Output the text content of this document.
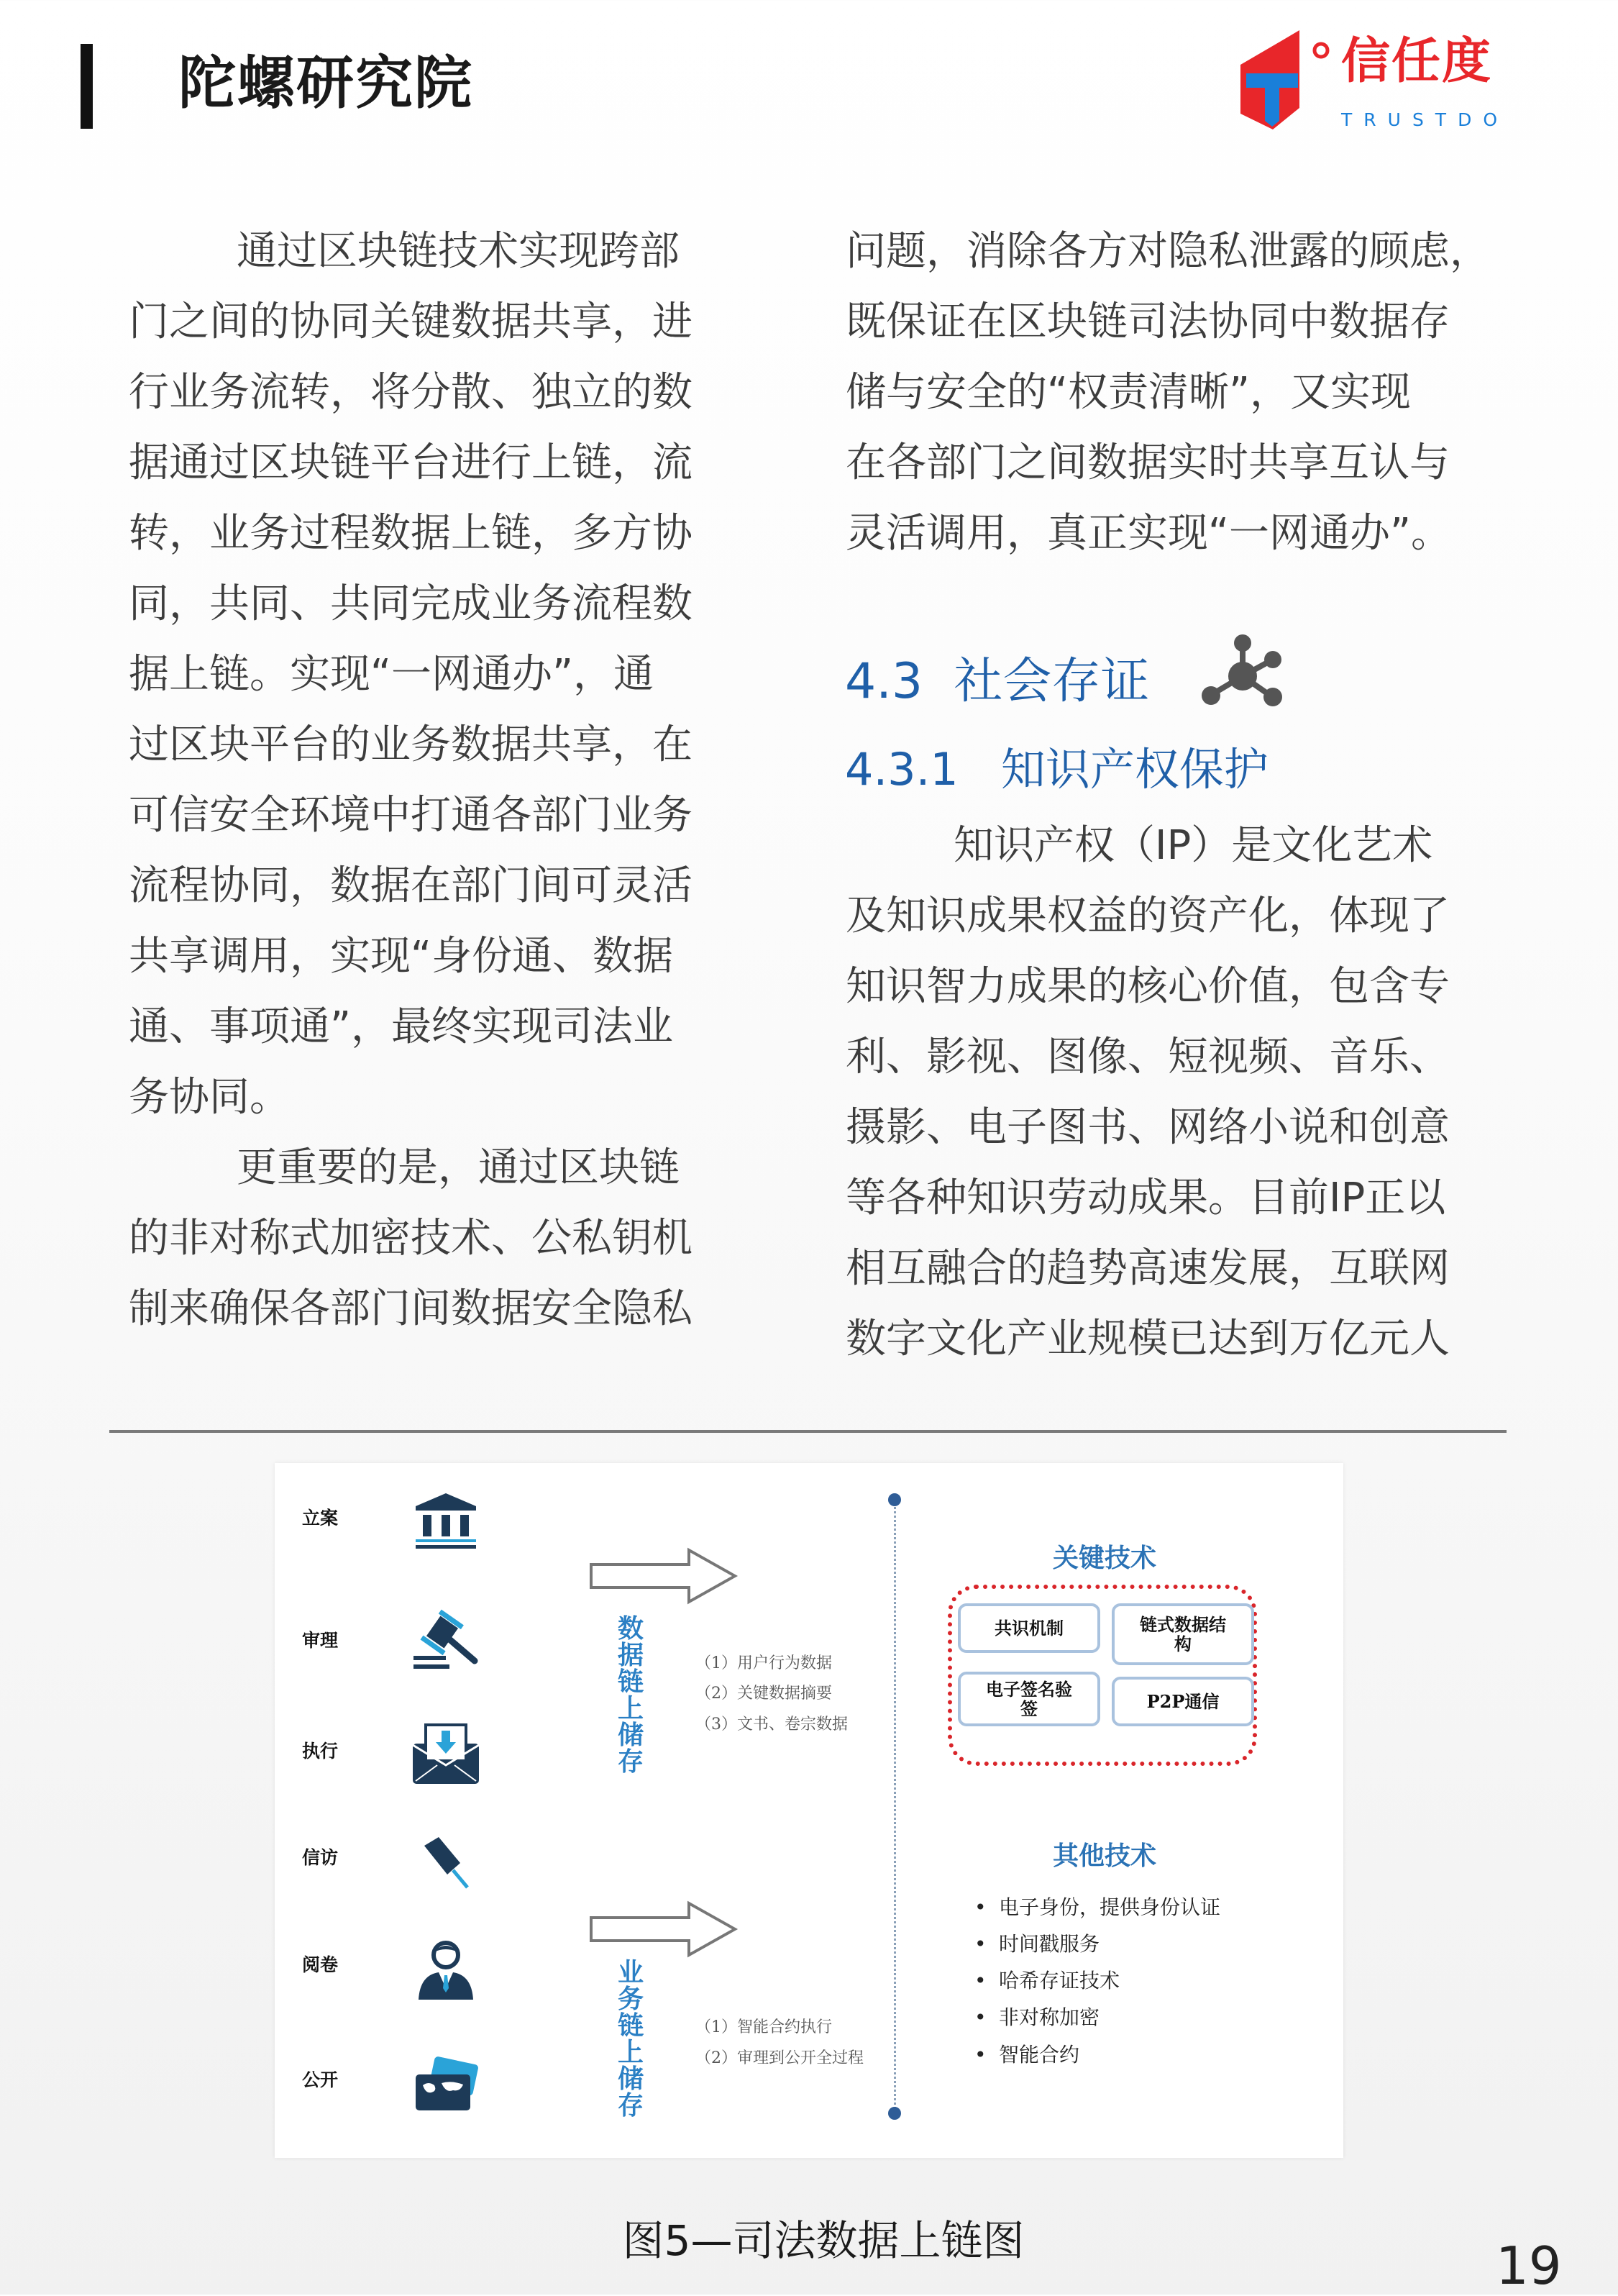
陀螺研究院	信任度
TRUSTDO
通过区块链技术实现跨部
门之间的协同关键数据共享，进
行业务流转，将分散、独立的数
据通过区块链平台进行上链，流
转，业务过程数据上链，多方协
同，共同、共同完成业务流程数
据上链。实现“一网通办”，通
过区块平台的业务数据共享，在
可信安全环境中打通各部门业务
流程协同，数据在部门间可灵活
共享调用，实现“身份通、数据
通、事项通”，最终实现司法业
务协同。
更重要的是，通过区块链
的非对称式加密技术、公私钥机
制来确保各部门间数据安全隐私
问题，消除各方对隐私泄露的顾虑，
既保证在区块链司法协同中数据存
储与安全的“权责清晰”，又实现
在各部门之间数据实时共享互认与
灵活调用，真正实现“一网通办”。
4.3 社会存证
4.3.1 知识产权保护
知识产权（IP）是文化艺术
及知识成果权益的资产化，体现了
知识智力成果的核心价值，包含专
利、影视、图像、短视频、音乐、
摄影、电子图书、网络小说和创意
等各种知识劳动成果。目前IP正以
相互融合的趋势高速发展，互联网
数字文化产业规模已达到万亿元人
立案
审理
执行
信访
阅卷
公开
数据链上储存
业务链上储存
（1）用户行为数据
（2）关键数据摘要
（3）文书、卷宗数据
（1）智能合约执行
（2）审理到公开全过程
关键技术
共识机制	链式数据结构
电子签名验签	P2P通信
其他技术
• 电子身份，提供身份认证
• 时间戳服务
• 哈希存证技术
• 非对称加密
• 智能合约
图5—司法数据上链图	19
